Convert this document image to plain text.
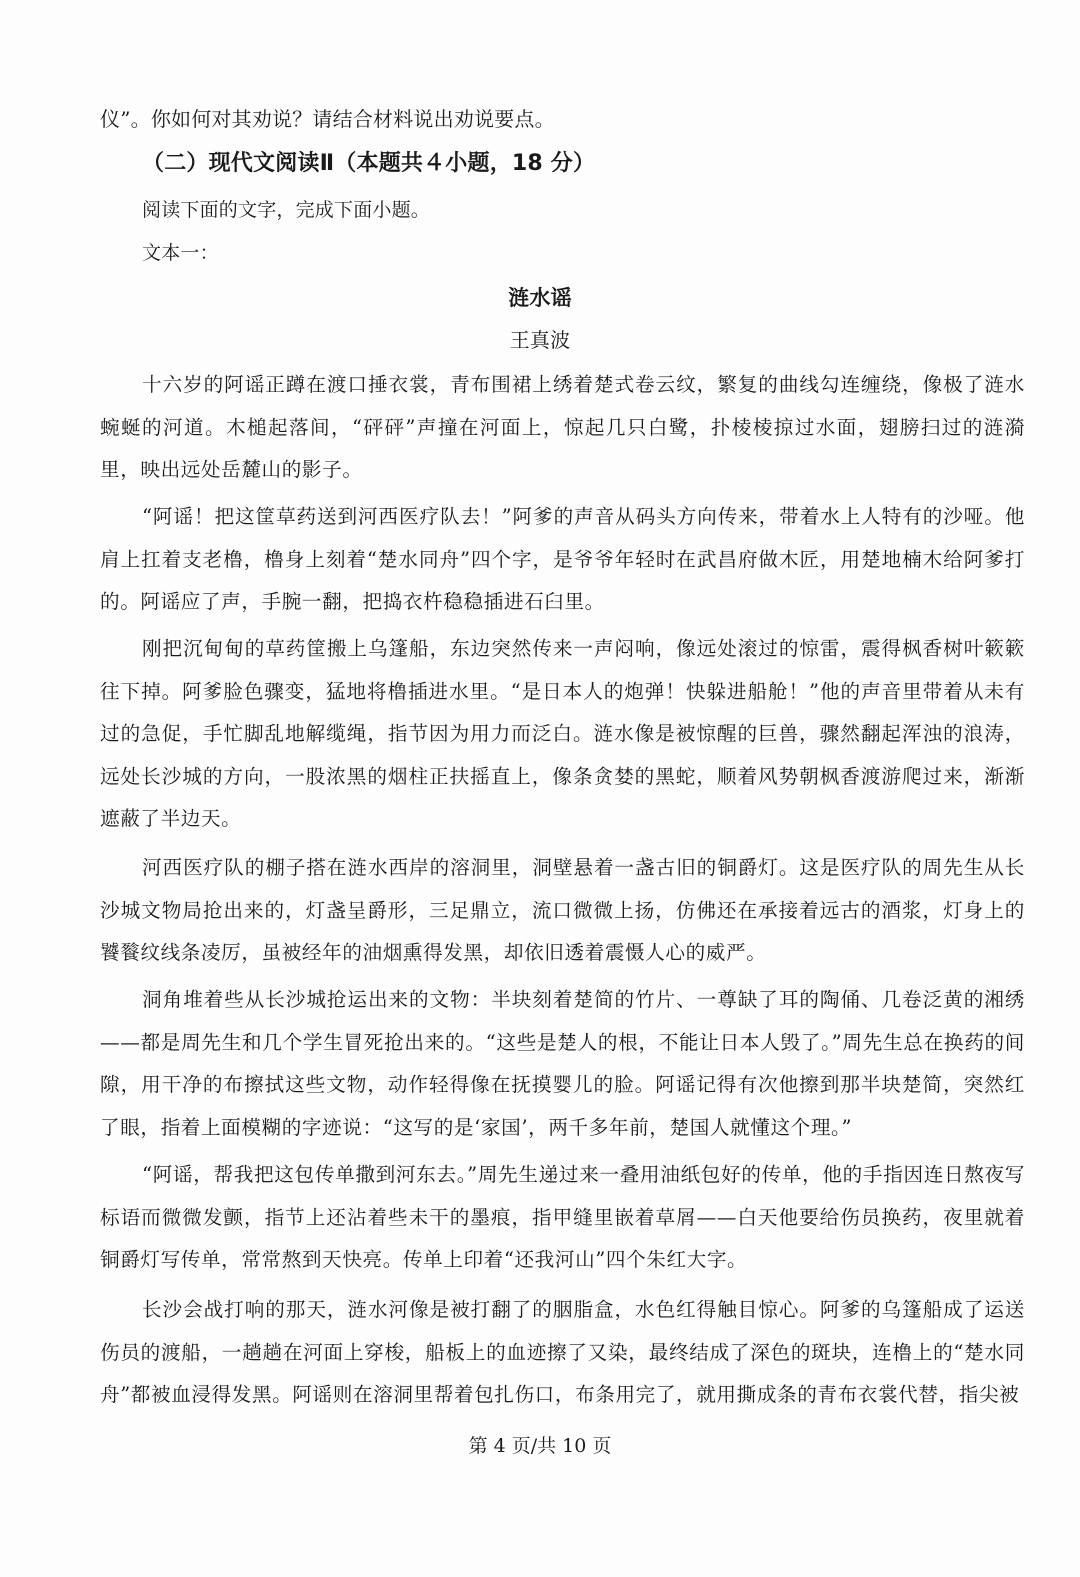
仪”。你如何对其劝说？请结合材料说出劝说要点。
（二）现代文阅读Ⅱ（本题共４小题，18 分）
阅读下面的文字，完成下面小题。
文本一：
涟水谣
王真波
十六岁的阿谣正蹲在渡口捶衣裳，青布围裙上绣着楚式卷云纹，繁复的曲线勾连缠绕，像极了涟水蜿蜒的河道。木槌起落间，“砰砰”声撞在河面上，惊起几只白鹭，扑棱棱掠过水面，翅膀扫过的涟漪里，映出远处岳麓山的影子。
“阿谣！把这筐草药送到河西医疗队去！”阿爹的声音从码头方向传来，带着水上人特有的沙哑。他肩上扛着支老橹，橹身上刻着“楚水同舟”四个字，是爷爷年轻时在武昌府做木匠，用楚地楠木给阿爹打的。阿谣应了声，手腕一翻，把捣衣杵稳稳插进石臼里。
刚把沉甸甸的草药筐搬上乌篷船，东边突然传来一声闷响，像远处滚过的惊雷，震得枫香树叶簌簌往下掉。阿爹脸色骤变，猛地将橹插进水里。“是日本人的炮弹！快躲进船舱！”他的声音里带着从未有过的急促，手忙脚乱地解缆绳，指节因为用力而泛白。涟水像是被惊醒的巨兽，骤然翻起浑浊的浪涛，远处长沙城的方向，一股浓黑的烟柱正扶摇直上，像条贪婪的黑蛇，顺着风势朝枫香渡游爬过来，渐渐遮蔽了半边天。
河西医疗队的棚子搭在涟水西岸的溶洞里，洞壁悬着一盏古旧的铜爵灯。这是医疗队的周先生从长沙城文物局抢出来的，灯盏呈爵形，三足鼎立，流口微微上扬，仿佛还在承接着远古的酒浆，灯身上的饕餮纹线条凌厉，虽被经年的油烟熏得发黑，却依旧透着震慑人心的威严。
洞角堆着些从长沙城抢运出来的文物：半块刻着楚简的竹片、一尊缺了耳的陶俑、几卷泛黄的湘绣——都是周先生和几个学生冒死抢出来的。“这些是楚人的根，不能让日本人毁了。”周先生总在换药的间隙，用干净的布擦拭这些文物，动作轻得像在抚摸婴儿的脸。阿谣记得有次他擦到那半块楚简，突然红了眼，指着上面模糊的字迹说：“这写的是‘家国’，两千多年前，楚国人就懂这个理。”
“阿谣，帮我把这包传单撒到河东去。”周先生递过来一叠用油纸包好的传单，他的手指因连日熬夜写标语而微微发颤，指节上还沾着些未干的墨痕，指甲缝里嵌着草屑——白天他要给伤员换药，夜里就着铜爵灯写传单，常常熬到天快亮。传单上印着“还我河山”四个朱红大字。
长沙会战打响的那天，涟水河像是被打翻了的胭脂盒，水色红得触目惊心。阿爹的乌篷船成了运送伤员的渡船，一趟趟在河面上穿梭，船板上的血迹擦了又染，最终结成了深色的斑块，连橹上的“楚水同舟”都被血浸得发黑。阿谣则在溶洞里帮着包扎伤口，布条用完了，就用撕成条的青布衣裳代替，指尖被
第 4 页/共 10 页
